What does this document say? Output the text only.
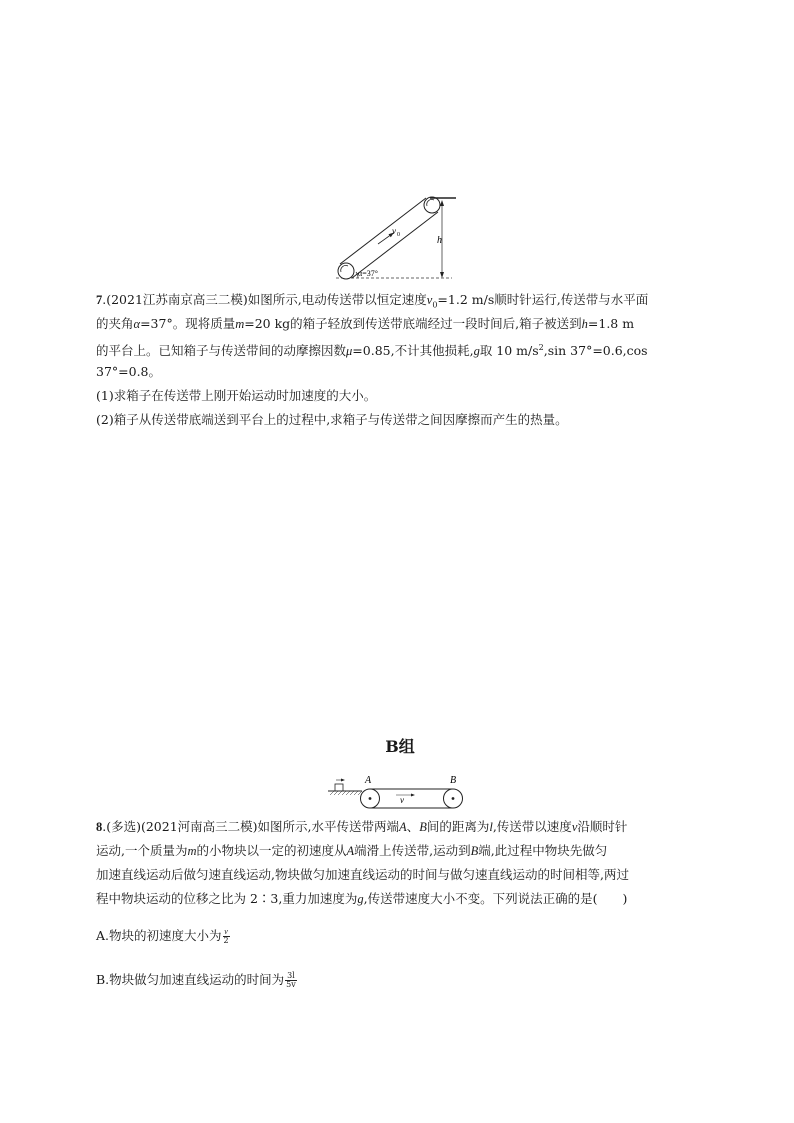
v 0	h
α=37°
7.(2021江苏南京高三二模)如图所示,电动传送带以恒定速度$v_0=1.2$ m/s顺时针运行,传送带与水平面
的夹角α=37°。现将质量m=20 kg的箱子轻放到传送带底端经过一段时间后,箱子被送到h=1.8 m
的平台上。已知箱子与传送带间的动摩擦因数μ=0.85,不计其他损耗,g取 10 $m/s^2,\sin$ 37°=0.6,cos
37°=0.8。
(1)求箱子在传送带上刚开始运动时加速度的大小。
(2)箱子从传送带底端送到平台上的过程中,求箱子与传送带之间因摩擦而产生的热量。
B组
A	B
v
8.(多选)(2021河南高三二模)如图所示,水平传送带两端A、B间的距离为l,传送带以速度v沿顺时针
运动,一个质量为m的小物块以一定的初速度从A端滑上传送带,运动到B端,此过程中物块先做匀
加速直线运动后做匀速直线运动,物块做匀加速直线运动的时间与做匀速直线运动的时间相等,两过
程中物块运动的位移之比为 2∶3,重力加速度为g,传送带速度大小不变。下列说法正确的是(　　)
A.物块的初速度大小为 $\frac{v}{2}$
B.物块做匀加速直线运动的时间为 $\frac{3l}{5v}$
